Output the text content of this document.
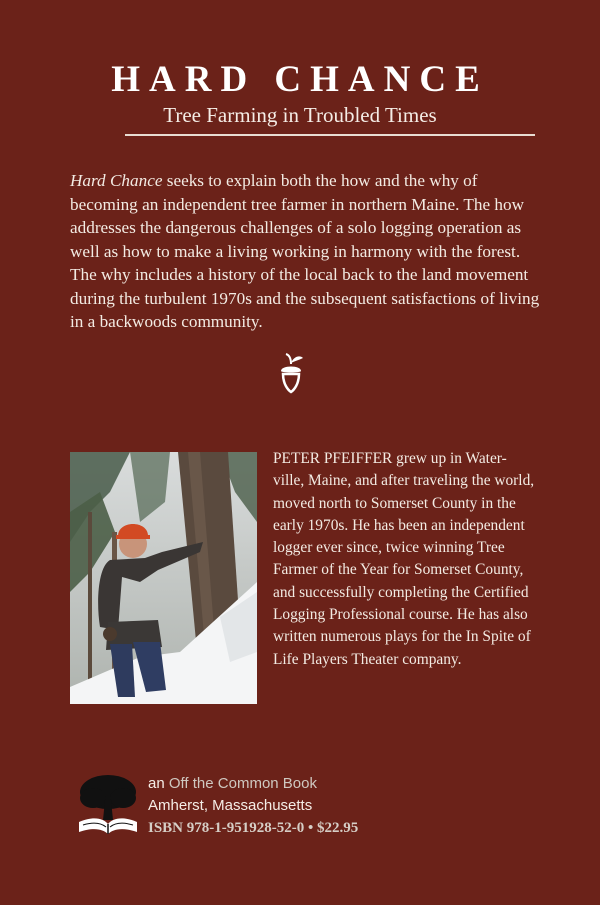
HARD CHANCE
Tree Farming in Troubled Times
Hard Chance seeks to explain both the how and the why of becoming an independent tree farmer in northern Maine. The how addresses the dangerous challenges of a solo logging operation as well as how to make a living working in harmony with the forest. The why includes a history of the local back to the land movement during the turbulent 1970s and the subsequent satisfactions of living in a backwoods community.
PETER PFEIFFER grew up in Water-ville, Maine, and after traveling the world, moved north to Somerset County in the early 1970s. He has been an independent logger ever since, twice winning Tree Farmer of the Year for Somerset County, and successfully completing the Certified Logging Professional course. He has also written numerous plays for the In Spite of Life Players Theater company.
an Off the Common Book
Amherst, Massachusetts
ISBN 978-1-951928-52-0 • $22.95
